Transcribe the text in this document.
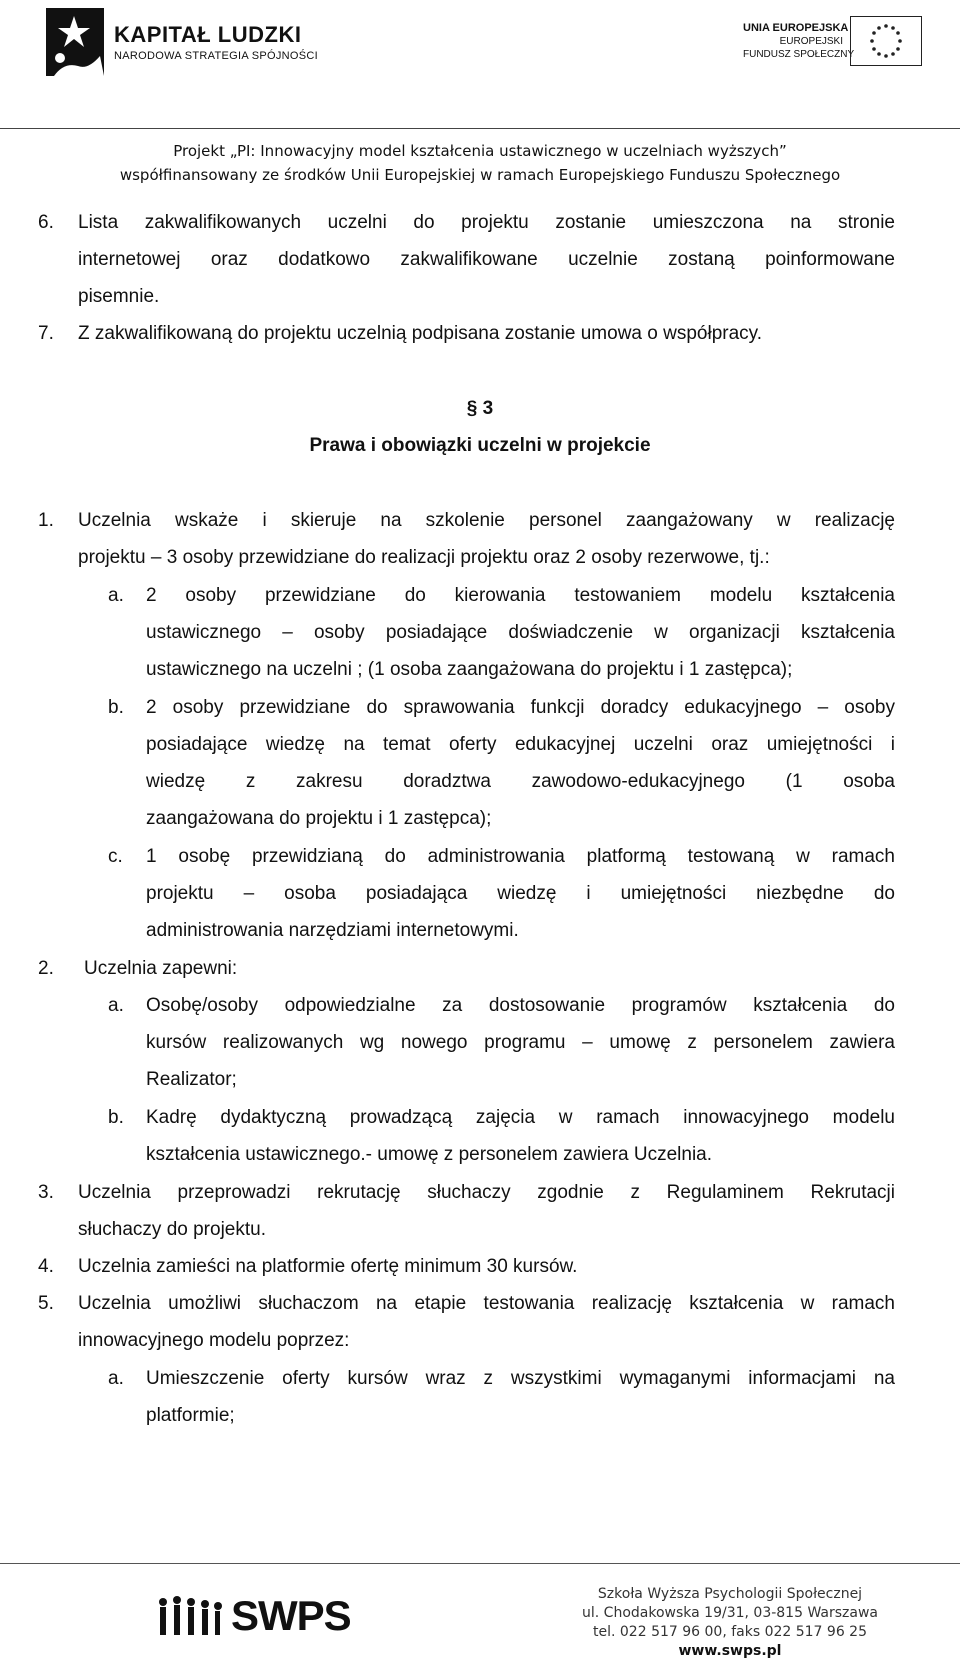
KAPITAŁ LUDZKI
NARODOWA STRATEGIA SPÓJNOŚCI
UNIA EUROPEJSKA
EUROPEJSKI
FUNDUSZ SPOŁECZNY
Projekt „PI: Innowacyjny model kształcenia ustawicznego w uczelniach wyższych”
współfinansowany ze środków Unii Europejskiej w ramach Europejskiego Funduszu Społecznego
6. Lista zakwalifikowanych uczelni do projektu zostanie umieszczona na stronie
internetowej oraz dodatkowo zakwalifikowane uczelnie zostaną poinformowane
pisemnie.
7. Z zakwalifikowaną do projektu uczelnią podpisana zostanie umowa o współpracy.
§ 3
Prawa i obowiązki uczelni w projekcie
1. Uczelnia wskaże i skieruje na szkolenie personel zaangażowany w realizację
projektu – 3 osoby przewidziane do realizacji projektu oraz 2 osoby rezerwowe, tj.:
a. 2 osoby przewidziane do kierowania testowaniem modelu kształcenia
ustawicznego – osoby posiadające doświadczenie w organizacji kształcenia
ustawicznego na uczelni ; (1 osoba zaangażowana do projektu i 1 zastępca);
b. 2 osoby przewidziane do sprawowania funkcji doradcy edukacyjnego – osoby
posiadające wiedzę na temat oferty edukacyjnej uczelni oraz umiejętności i
wiedzę z zakresu doradztwa zawodowo-edukacyjnego (1 osoba
zaangażowana do projektu i 1 zastępca);
c. 1 osobę przewidzianą do administrowania platformą testowaną w ramach
projektu – osoba posiadająca wiedzę i umiejętności niezbędne do
administrowania narzędziami internetowymi.
2. Uczelnia zapewni:
a. Osobę/osoby odpowiedzialne za dostosowanie programów kształcenia do
kursów realizowanych wg nowego programu – umowę z personelem zawiera
Realizator;
b. Kadrę dydaktyczną prowadzącą zajęcia w ramach innowacyjnego modelu
kształcenia ustawicznego.- umowę z personelem zawiera Uczelnia.
3. Uczelnia przeprowadzi rekrutację słuchaczy zgodnie z Regulaminem Rekrutacji
słuchaczy do projektu.
4. Uczelnia zamieści na platformie ofertę minimum 30 kursów.
5. Uczelnia umożliwi słuchaczom na etapie testowania realizację kształcenia w ramach
innowacyjnego modelu poprzez:
a. Umieszczenie oferty kursów wraz z wszystkimi wymaganymi informacjami na
platformie;
SWPS	Szkoła Wyższa Psychologii Społecznej
ul. Chodakowska 19/31, 03-815 Warszawa
tel. 022 517 96 00, faks 022 517 96 25
www.swps.pl
